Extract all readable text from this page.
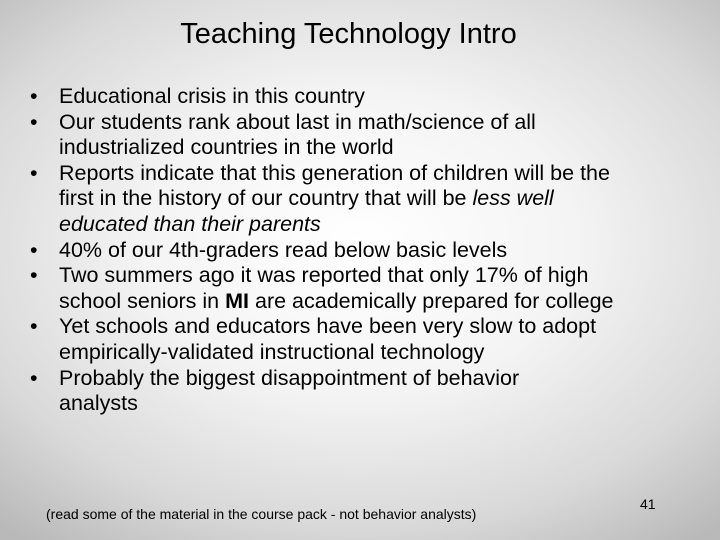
Teaching Technology Intro
• Educational crisis in this country
• Our students rank about last in math/science of all
industrialized countries in the world
• Reports indicate that this generation of children will be the
first in the history of our country that will be less well
educated than their parents
• 40% of our 4th-graders read below basic levels
• Two summers ago it was reported that only 17% of high
school seniors in MI are academically prepared for college
• Yet schools and educators have been very slow to adopt
empirically-validated instructional technology
• Probably the biggest disappointment of behavior
analysts
(read some of the material in the course pack - not behavior analysts)
41
